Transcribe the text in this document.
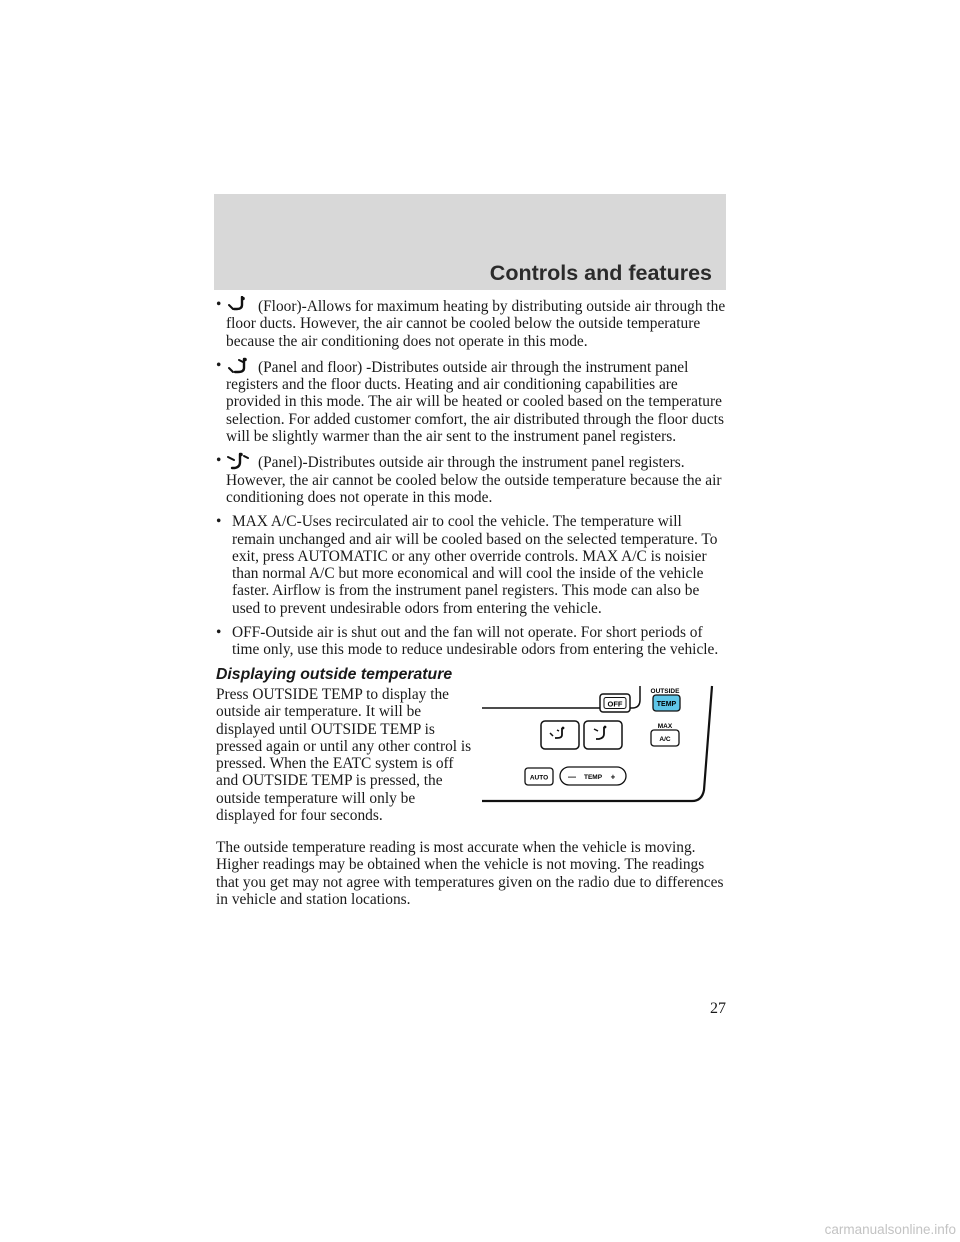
Controls and features

• (Floor)-Allows for maximum heating by distributing outside air through the floor ducts. However, the air cannot be cooled below the outside temperature because the air conditioning does not operate in this mode.

• (Panel and floor) -Distributes outside air through the instrument panel registers and the floor ducts. Heating and air conditioning capabilities are provided in this mode. The air will be heated or cooled based on the temperature selection. For added customer comfort, the air distributed through the floor ducts will be slightly warmer than the air sent to the instrument panel registers.

• (Panel)-Distributes outside air through the instrument panel registers. However, the air cannot be cooled below the outside temperature because the air conditioning does not operate in this mode.

• MAX A/C-Uses recirculated air to cool the vehicle. The temperature will remain unchanged and air will be cooled based on the selected temperature. To exit, press AUTOMATIC or any other override controls. MAX A/C is noisier than normal A/C but more economical and will cool the inside of the vehicle faster. Airflow is from the instrument panel registers. This mode can also be used to prevent undesirable odors from entering the vehicle.

• OFF-Outside air is shut out and the fan will not operate. For short periods of time only, use this mode to reduce undesirable odors from entering the vehicle.

Displaying outside temperature

Press OUTSIDE TEMP to display the outside air temperature. It will be displayed until OUTSIDE TEMP is pressed again or until any other control is pressed. When the EATC system is off and OUTSIDE TEMP is pressed, the outside temperature will only be displayed for four seconds.

OFF
OUTSIDE
TEMP
MAX
A/C
AUTO — TEMP +

The outside temperature reading is most accurate when the vehicle is moving. Higher readings may be obtained when the vehicle is not moving. The readings that you get may not agree with temperatures given on the radio due to differences in vehicle and station locations.

27

carmanualsonline.info
